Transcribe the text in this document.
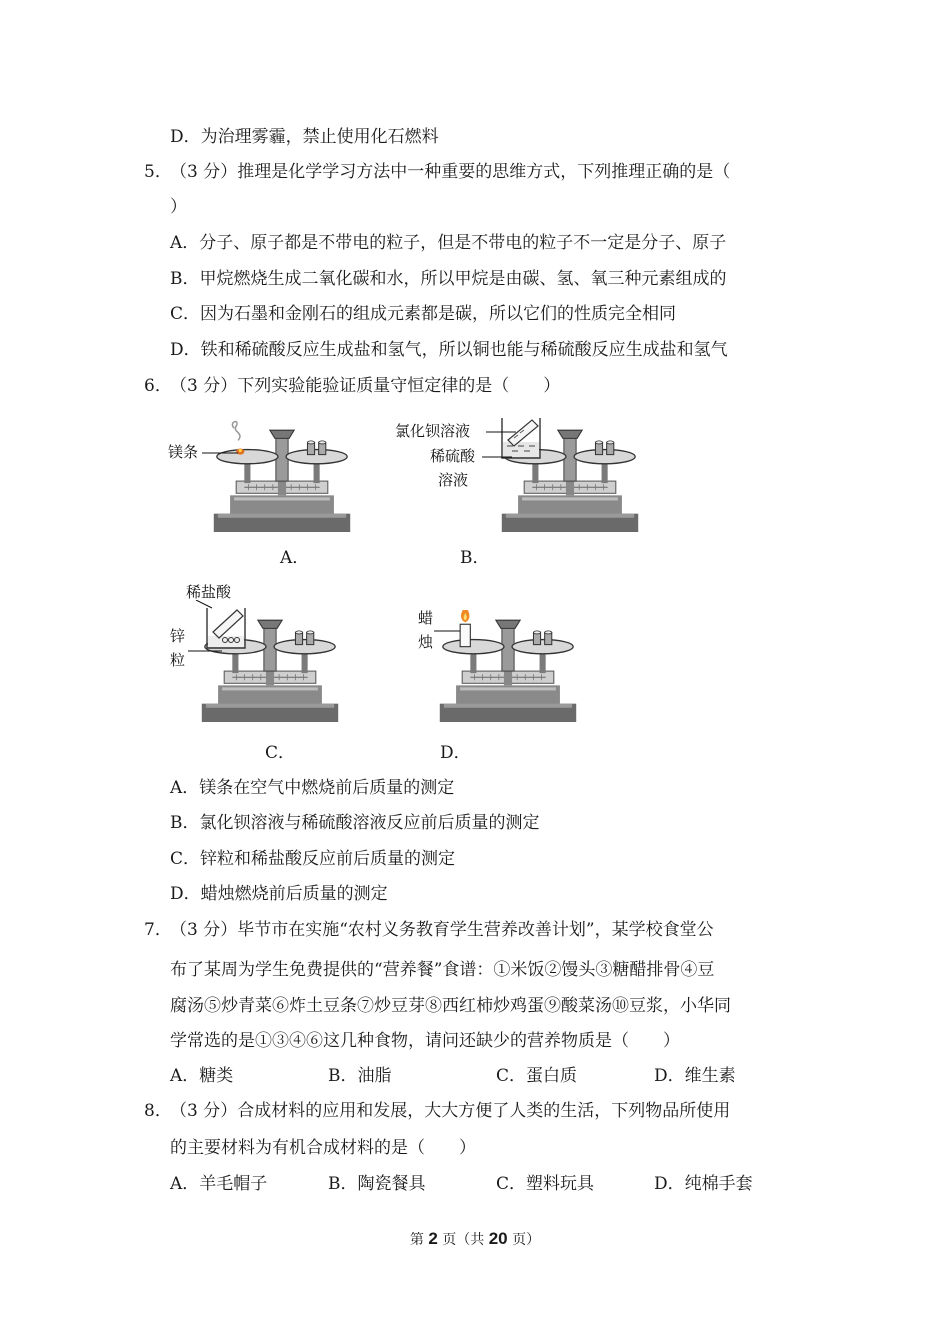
D．为治理雾霾，禁止使用化石燃料
5．（3 分）推理是化学学习方法中一种重要的思维方式，下列推理正确的是（
）
A．分子、原子都是不带电的粒子，但是不带电的粒子不一定是分子、原子
B．甲烷燃烧生成二氧化碳和水，所以甲烷是由碳、氢、氧三种元素组成的
C．因为石墨和金刚石的组成元素都是碳，所以它们的性质完全相同
D．铁和稀硫酸反应生成盐和氢气，所以铜也能与稀硫酸反应生成盐和氢气
6．（3 分）下列实验能验证质量守恒定律的是（　　）
镁条
A．
氯化钡溶液
稀硫酸
溶液
B．
稀盐酸
锌
粒
C．
蜡
烛
D．
A．镁条在空气中燃烧前后质量的测定
B．氯化钡溶液与稀硫酸溶液反应前后质量的测定
C．锌粒和稀盐酸反应前后质量的测定
D．蜡烛燃烧前后质量的测定
7．（3 分）毕节市在实施“农村义务教育学生营养改善计划”，某学校食堂公
布了某周为学生免费提供的“营养餐”食谱：①米饭②馒头③糖醋排骨④豆
腐汤⑤炒青菜⑥炸土豆条⑦炒豆芽⑧西红柿炒鸡蛋⑨酸菜汤⑩豆浆，小华同
学常选的是①③④⑥这几种食物，请问还缺少的营养物质是（　　）
A．糖类	B．油脂	C．蛋白质	D．维生素
8．（3 分）合成材料的应用和发展，大大方便了人类的生活，下列物品所使用
的主要材料为有机合成材料的是（　　）
A．羊毛帽子	B．陶瓷餐具	C．塑料玩具	D．纯棉手套
第 2 页（共 20 页）
